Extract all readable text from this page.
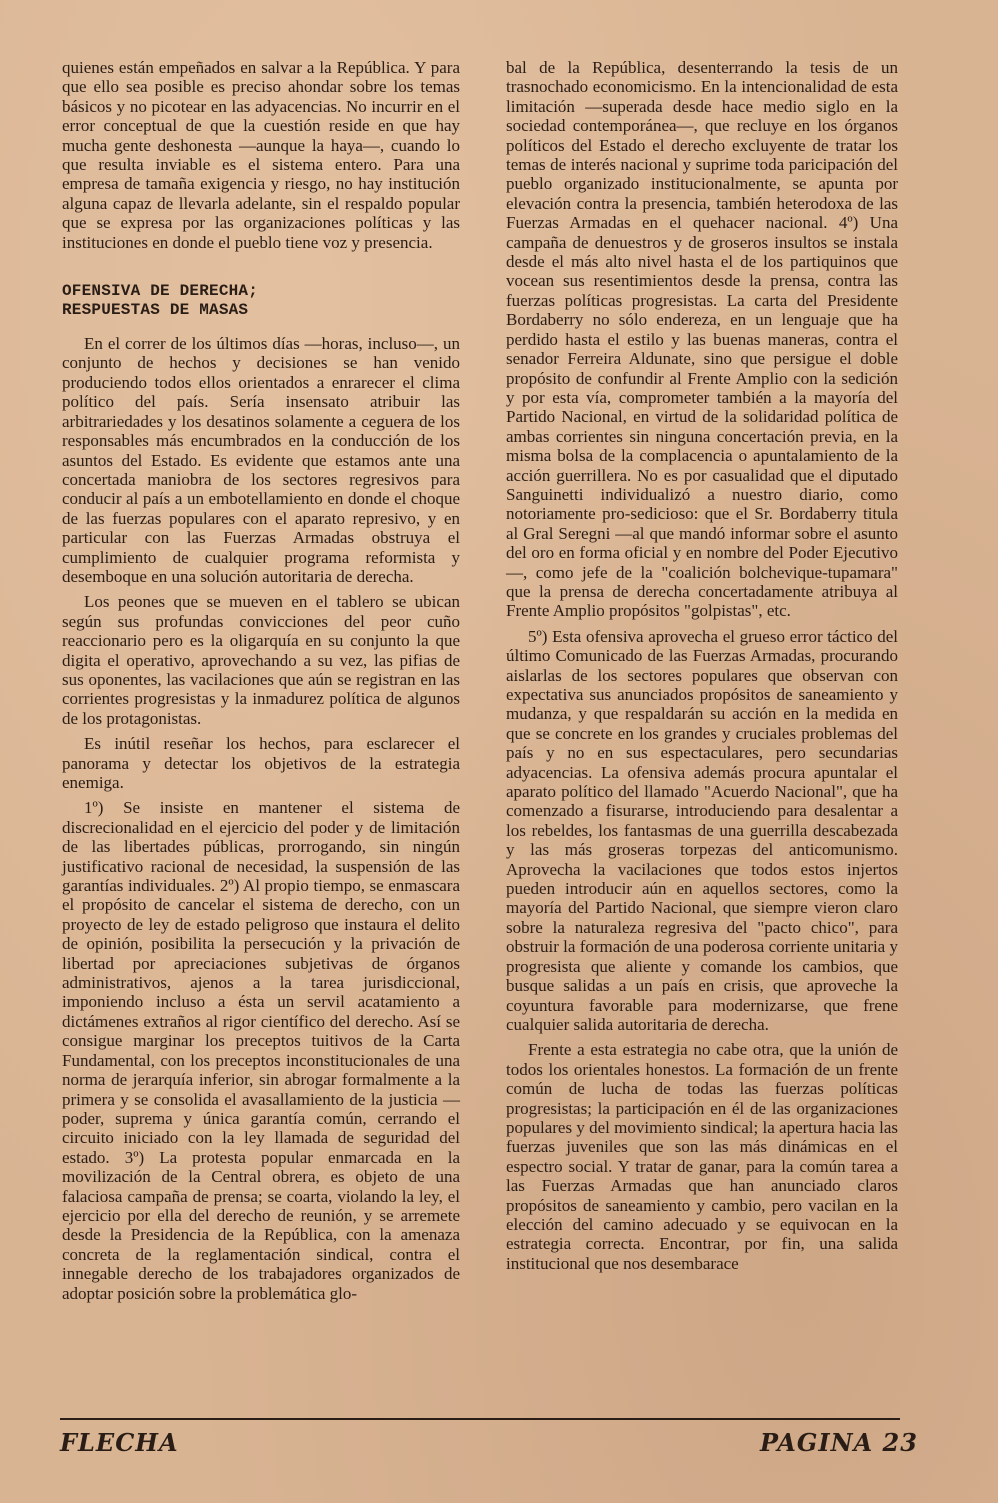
quienes están empeñados en salvar a la República. Y para que ello sea posible es preciso ahondar sobre los temas básicos y no picotear en las adyacencias. No incurrir en el error conceptual de que la cuestión reside en que hay mucha gente deshonesta —aunque la haya—, cuando lo que resulta inviable es el sistema entero. Para una empresa de tamaña exigencia y riesgo, no hay institución alguna capaz de llevarla adelante, sin el respaldo popular que se expresa por las organizaciones políticas y las instituciones en donde el pueblo tiene voz y presencia.

OFENSIVA DE DERECHA;
RESPUESTAS DE MASAS

En el correr de los últimos días —horas, incluso—, un conjunto de hechos y decisiones se han venido produciendo todos ellos orientados a enrarecer el clima político del país. Sería insensato atribuir las arbitrariedades y los desatinos solamente a ceguera de los responsables más encumbrados en la conducción de los asuntos del Estado. Es evidente que estamos ante una concertada maniobra de los sectores regresivos para conducir al país a un embotellamiento en donde el choque de las fuerzas populares con el aparato represivo, y en particular con las Fuerzas Armadas obstruya el cumplimiento de cualquier programa reformista y desemboque en una solución autoritaria de derecha.

Los peones que se mueven en el tablero se ubican según sus profundas convicciones del peor cuño reaccionario pero es la oligarquía en su conjunto la que digita el operativo, aprovechando a su vez, las pifias de sus oponentes, las vacilaciones que aún se registran en las corrientes progresistas y la inmadurez política de algunos de los protagonistas.

Es inútil reseñar los hechos, para esclarecer el panorama y detectar los objetivos de la estrategia enemiga.

1º) Se insiste en mantener el sistema de discrecionalidad en el ejercicio del poder y de limitación de las libertades públicas, prorrogando, sin ningún justificativo racional de necesidad, la suspensión de las garantías individuales. 2º) Al propio tiempo, se enmascara el propósito de cancelar el sistema de derecho, con un proyecto de ley de estado peligroso que instaura el delito de opinión, posibilita la persecución y la privación de libertad por apreciaciones subjetivas de órganos administrativos, ajenos a la tarea jurisdiccional, imponiendo incluso a ésta un servil acatamiento a dictámenes extraños al rigor científico del derecho. Así se consigue marginar los preceptos tuitivos de la Carta Fundamental, con los preceptos inconstitucionales de una norma de jerarquía inferior, sin abrogar formalmente a la primera y se consolida el avasallamiento de la justicia —poder, suprema y única garantía común, cerrando el circuito iniciado con la ley llamada de seguridad del estado. 3º) La protesta popular enmarcada en la movilización de la Central obrera, es objeto de una falaciosa campaña de prensa; se coarta, violando la ley, el ejercicio por ella del derecho de reunión, y se arremete desde la Presidencia de la República, con la amenaza concreta de la reglamentación sindical, contra el innegable derecho de los trabajadores organizados de adoptar posición sobre la problemática glo-

bal de la República, desenterrando la tesis de un trasnochado economicismo. En la intencionalidad de esta limitación —superada desde hace medio siglo en la sociedad contemporánea—, que recluye en los órganos políticos del Estado el derecho excluyente de tratar los temas de interés nacional y suprime toda paricipación del pueblo organizado institucionalmente, se apunta por elevación contra la presencia, también heterodoxa de las Fuerzas Armadas en el quehacer nacional. 4º) Una campaña de denuestros y de groseros insultos se instala desde el más alto nivel hasta el de los partiquinos que vocean sus resentimientos desde la prensa, contra las fuerzas políticas progresistas. La carta del Presidente Bordaberry no sólo endereza, en un lenguaje que ha perdido hasta el estilo y las buenas maneras, contra el senador Ferreira Aldunate, sino que persigue el doble propósito de confundir al Frente Amplio con la sedición y por esta vía, comprometer también a la mayoría del Partido Nacional, en virtud de la solidaridad política de ambas corrientes sin ninguna concertación previa, en la misma bolsa de la complacencia o apuntalamiento de la acción guerrillera. No es por casualidad que el diputado Sanguinetti individualizó a nuestro diario, como notoriamente pro-sedicioso: que el Sr. Bordaberry titula al Gral Seregni —al que mandó informar sobre el asunto del oro en forma oficial y en nombre del Poder Ejecutivo—, como jefe de la "coalición bolchevique-tupamara" que la prensa de derecha concertadamente atribuya al Frente Amplio propósitos "golpistas", etc.

5º) Esta ofensiva aprovecha el grueso error táctico del último Comunicado de las Fuerzas Armadas, procurando aislarlas de los sectores populares que observan con expectativa sus anunciados propósitos de saneamiento y mudanza, y que respaldarán su acción en la medida en que se concrete en los grandes y cruciales problemas del país y no en sus espectaculares, pero secundarias adyacencias. La ofensiva además procura apuntalar el aparato político del llamado "Acuerdo Nacional", que ha comenzado a fisurarse, introduciendo para desalentar a los rebeldes, los fantasmas de una guerrilla descabezada y las más groseras torpezas del anticomunismo. Aprovecha la vacilaciones que todos estos injertos pueden introducir aún en aquellos sectores, como la mayoría del Partido Nacional, que siempre vieron claro sobre la naturaleza regresiva del "pacto chico", para obstruir la formación de una poderosa corriente unitaria y progresista que aliente y comande los cambios, que busque salidas a un país en crisis, que aproveche la coyuntura favorable para modernizarse, que frene cualquier salida autoritaria de derecha.

Frente a esta estrategia no cabe otra, que la unión de todos los orientales honestos. La formación de un frente común de lucha de todas las fuerzas políticas progresistas; la participación en él de las organizaciones populares y del movimiento sindical; la apertura hacia las fuerzas juveniles que son las más dinámicas en el espectro social. Y tratar de ganar, para la común tarea a las Fuerzas Armadas que han anunciado claros propósitos de saneamiento y cambio, pero vacilan en la elección del camino adecuado y se equivocan en la estrategia correcta. Encontrar, por fin, una salida institucional que nos desembarace

FLECHA	PAGINA 23
